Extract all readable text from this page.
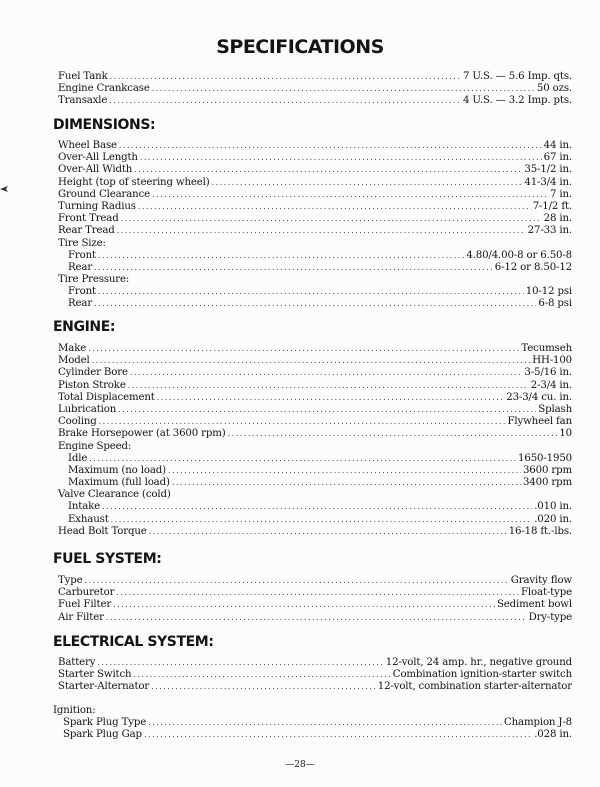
SPECIFICATIONS
Fuel Tank .....	7 U.S. — 5.6 Imp. qts.
Engine Crankcase .....	50 ozs.
Transaxle .....	4 U.S. — 3.2 Imp. pts.
DIMENSIONS:
Wheel Base .....	44 in.
Over-All Length .....	67 in.
Over-All Width .....	35-1/2 in.
Height (top of steering wheel) .....	41-3/4 in.
Ground Clearance .....	7 in.
Turning Radius .....	7-1/2 ft.
Front Tread .....	28 in.
Rear Tread .....	27-33 in.
Tire Size:
Front .....	4.80/4.00-8 or 6.50-8
Rear .....	6-12 or 8.50-12
Tire Pressure:
Front .....	10-12 psi
Rear .....	6-8 psi
ENGINE:
Make .....	Tecumseh
Model .....	HH-100
Cylinder Bore .....	3-5/16 in.
Piston Stroke .....	2-3/4 in.
Total Displacement .....	23-3/4 cu. in.
Lubrication .....	Splash
Cooling .....	Flywheel fan
Brake Horsepower (at 3600 rpm) .....	10
Engine Speed:
Idle .....	1650-1950
Maximum (no load) .....	3600 rpm
Maximum (full load) .....	3400 rpm
Valve Clearance (cold)
Intake .....	.010 in.
Exhaust .....	.020 in.
Head Bolt Torque .....	16-18 ft.-lbs.
FUEL SYSTEM:
Type .....	Gravity flow
Carburetor .....	Float-type
Fuel Filter .....	Sediment bowl
Air Filter .....	Dry-type
ELECTRICAL SYSTEM:
Battery .....	12-volt, 24 amp. hr., negative ground
Starter Switch .....	Combination ignition-starter switch
Starter-Alternator .....	12-volt, combination starter-alternator
Ignition:
Spark Plug Type .....	Champion J-8
Spark Plug Gap .....	.028 in.
—28—
